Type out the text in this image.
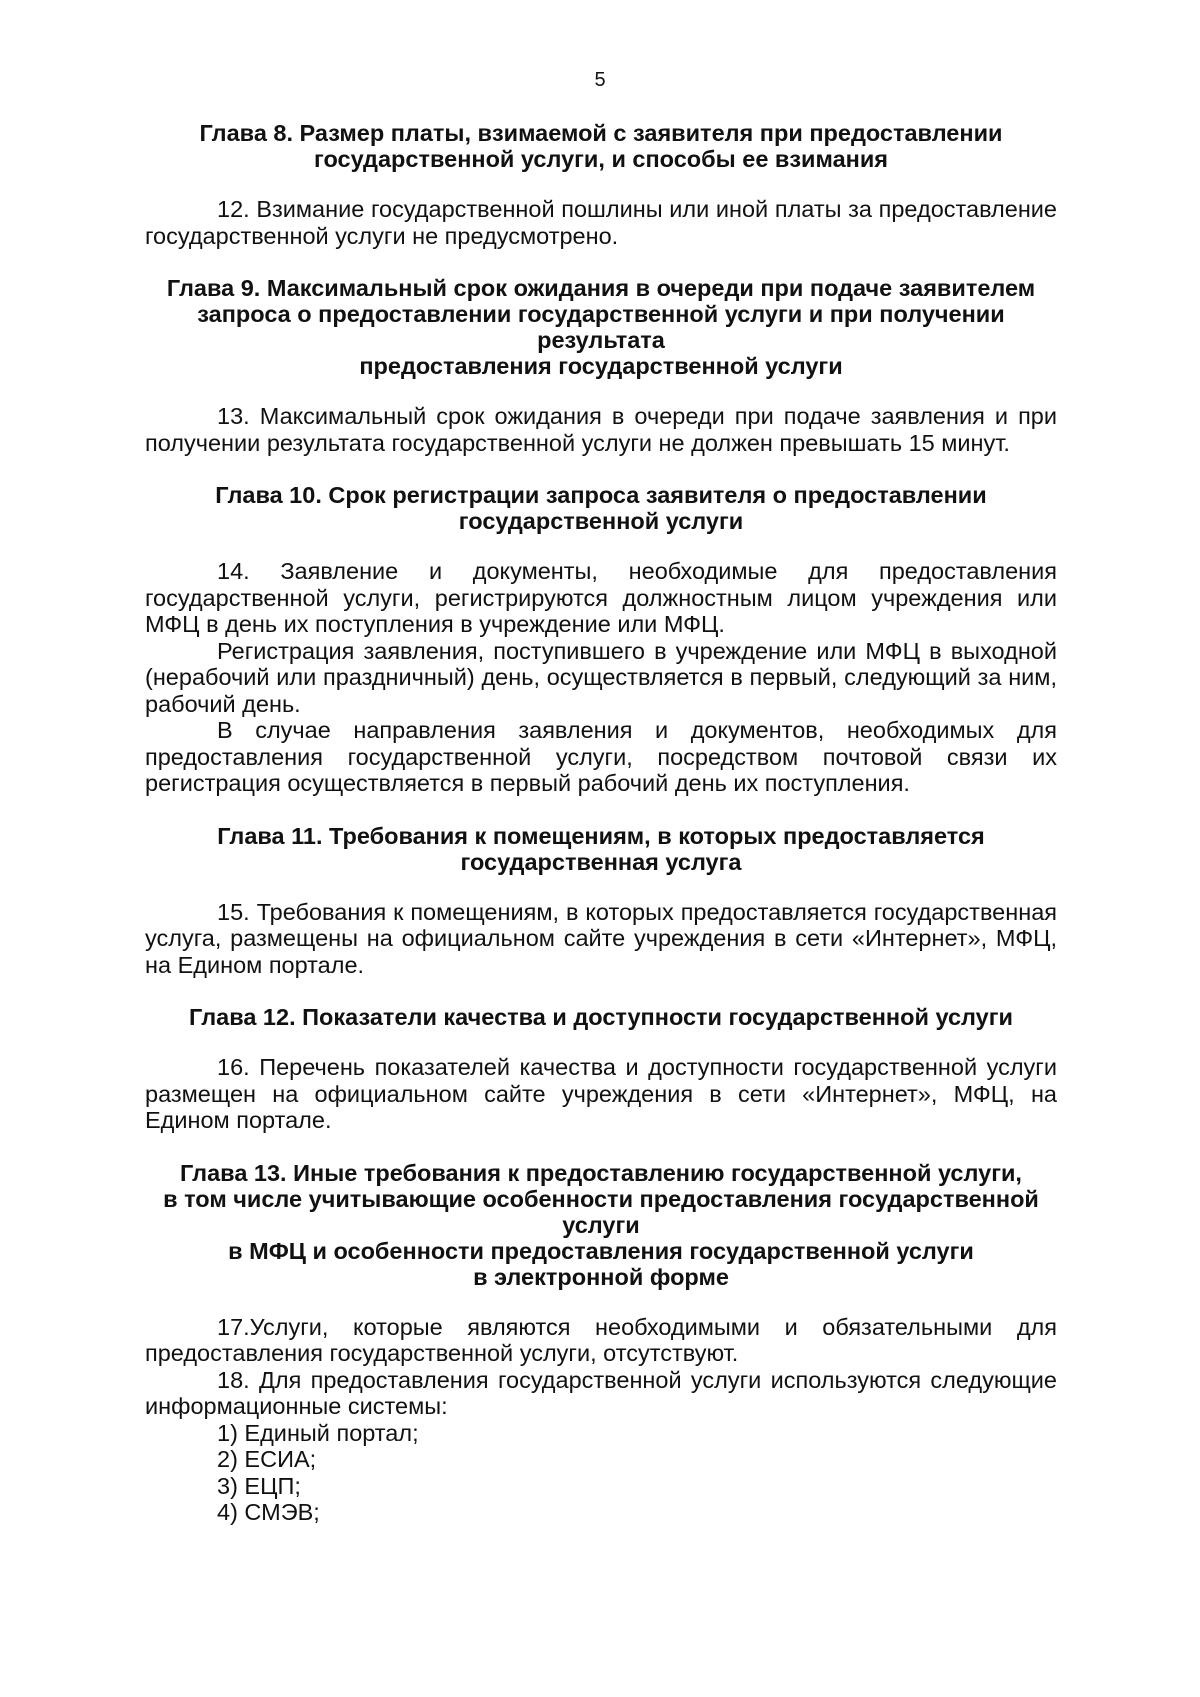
5
Глава 8. Размер платы, взимаемой с заявителя при предоставлении
государственной услуги, и способы ее взимания

12. Взимание государственной пошлины или иной платы за предоставление государственной услуги не предусмотрено.

Глава 9. Максимальный срок ожидания в очереди при подаче заявителем
запроса о предоставлении государственной услуги и при получении результата
предоставления государственной услуги

13. Максимальный срок ожидания в очереди при подаче заявления и при получении результата государственной услуги не должен превышать 15 минут.

Глава 10. Срок регистрации запроса заявителя о предоставлении
государственной услуги

14. Заявление и документы, необходимые для предоставления государственной услуги, регистрируются должностным лицом учреждения или МФЦ в день их поступления в учреждение или МФЦ.

Регистрация заявления, поступившего в учреждение или МФЦ в выходной (нерабочий или праздничный) день, осуществляется в первый, следующий за ним, рабочий день.

В случае направления заявления и документов, необходимых для предоставления государственной услуги, посредством почтовой связи их регистрация осуществляется в первый рабочий день их поступления.

Глава 11. Требования к помещениям, в которых предоставляется
государственная услуга

15. Требования к помещениям, в которых предоставляется государственная услуга, размещены на официальном сайте учреждения в сети «Интернет», МФЦ, на Едином портале.

Глава 12. Показатели качества и доступности государственной услуги

16. Перечень показателей качества и доступности государственной услуги размещен на официальном сайте учреждения в сети «Интернет», МФЦ, на Едином портале.

Глава 13. Иные требования к предоставлению государственной услуги,
в том числе учитывающие особенности предоставления государственной услуги
в МФЦ и особенности предоставления государственной услуги
в электронной форме

17.Услуги, которые являются необходимыми и обязательными для предоставления государственной услуги, отсутствуют.

18. Для предоставления государственной услуги используются следующие информационные системы:

1) Единый портал;

2) ЕСИА;

3) ЕЦП;

4) СМЭВ;
